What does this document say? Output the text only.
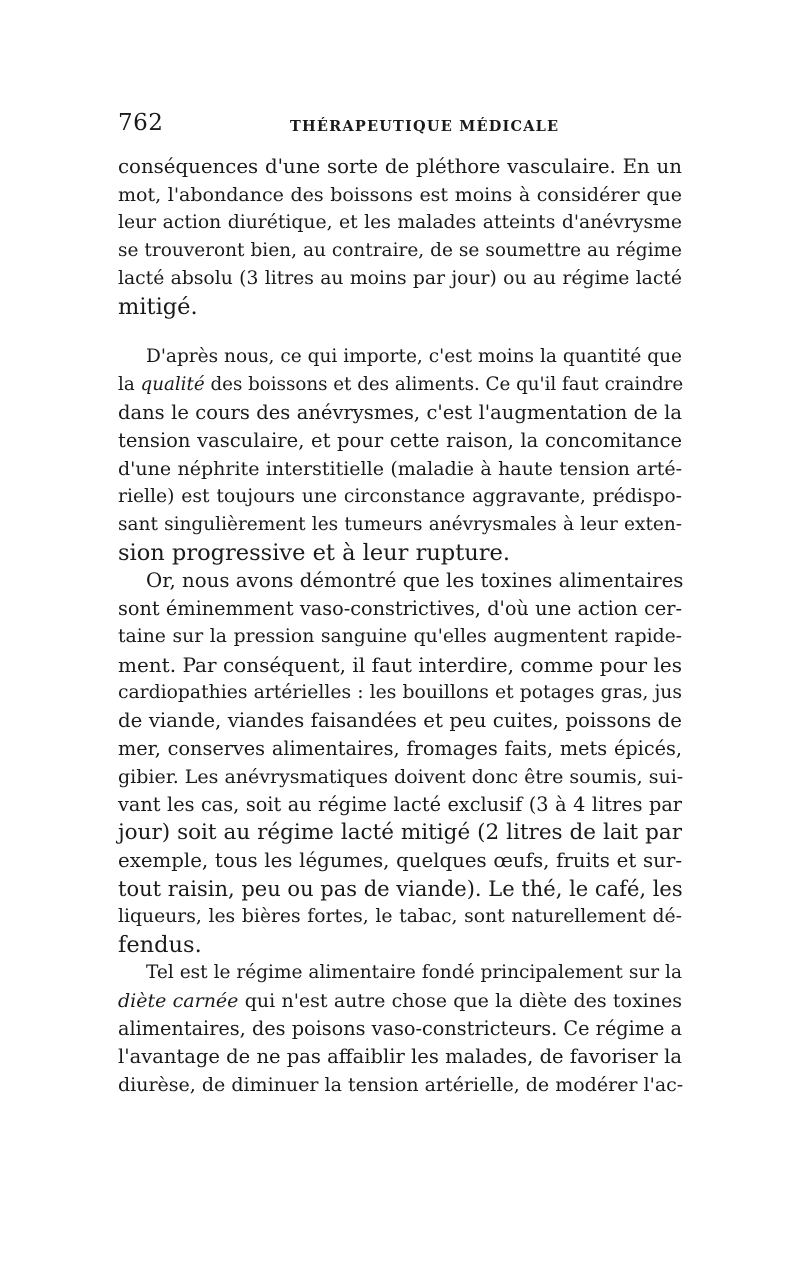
762	THÉRAPEUTIQUE MÉDICALE
conséquences d'une sorte de pléthore vasculaire. En un
mot, l'abondance des boissons est moins à considérer que
leur action diurétique, et les malades atteints d'anévrysme
se trouveront bien, au contraire, de se soumettre au régime
lacté absolu (3 litres au moins par jour) ou au régime lacté
mitigé.
D'après nous, ce qui importe, c'est moins la quantité que
la qualité des boissons et des aliments. Ce qu'il faut craindre
dans le cours des anévrysmes, c'est l'augmentation de la
tension vasculaire, et pour cette raison, la concomitance
d'une néphrite interstitielle (maladie à haute tension arté-
rielle) est toujours une circonstance aggravante, prédispo-
sant singulièrement les tumeurs anévrysmales à leur exten-
sion progressive et à leur rupture.
Or, nous avons démontré que les toxines alimentaires
sont éminemment vaso-constrictives, d'où une action cer-
taine sur la pression sanguine qu'elles augmentent rapide-
ment. Par conséquent, il faut interdire, comme pour les
cardiopathies artérielles : les bouillons et potages gras, jus
de viande, viandes faisandées et peu cuites, poissons de
mer, conserves alimentaires, fromages faits, mets épicés,
gibier. Les anévrysmatiques doivent donc être soumis, sui-
vant les cas, soit au régime lacté exclusif (3 à 4 litres par
jour) soit au régime lacté mitigé (2 litres de lait par
exemple, tous les légumes, quelques œufs, fruits et sur-
tout raisin, peu ou pas de viande). Le thé, le café, les
liqueurs, les bières fortes, le tabac, sont naturellement dé-
fendus.
Tel est le régime alimentaire fondé principalement sur la
diète carnée qui n'est autre chose que la diète des toxines
alimentaires, des poisons vaso-constricteurs. Ce régime a
l'avantage de ne pas affaiblir les malades, de favoriser la
diurèse, de diminuer la tension artérielle, de modérer l'ac-
